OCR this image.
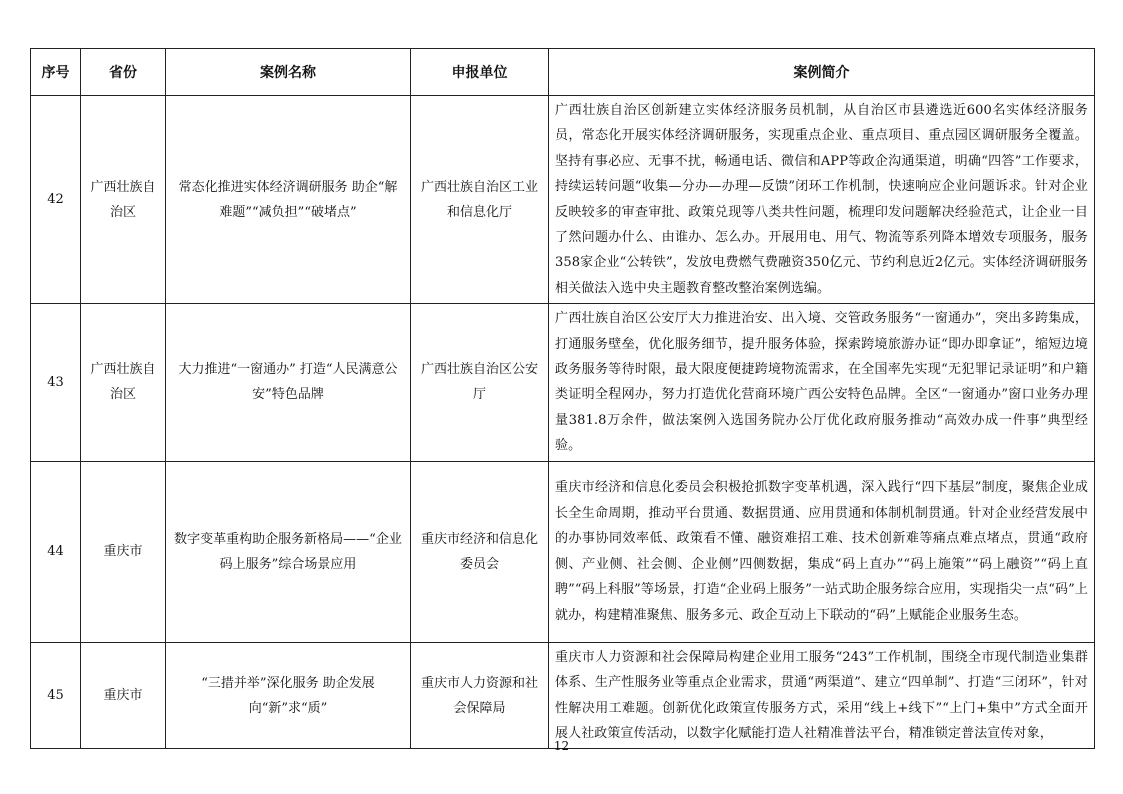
序号	省份	案例名称	申报单位	案例简介
42	广西壮族自治区	常态化推进实体经济调研服务 助企“解难题”“减负担”“破堵点”	广西壮族自治区工业和信息化厅	广西壮族自治区创新建立实体经济服务员机制，从自治区市县遴选近600名实体经济服务员，常态化开展实体经济调研服务，实现重点企业、重点项目、重点园区调研服务全覆盖。坚持有事必应、无事不扰，畅通电话、微信和APP等政企沟通渠道，明确“四答”工作要求，持续运转问题“收集—分办—办理—反馈”闭环工作机制，快速响应企业问题诉求。针对企业反映较多的审查审批、政策兑现等八类共性问题，梳理印发问题解决经验范式，让企业一目了然问题办什么、由谁办、怎么办。开展用电、用气、物流等系列降本增效专项服务，服务358家企业“公转铁”，发放电费燃气费融资350亿元、节约利息近2亿元。实体经济调研服务相关做法入选中央主题教育整改整治案例选编。
43	广西壮族自治区	大力推进“一窗通办” 打造“人民满意公安”特色品牌	广西壮族自治区公安厅	广西壮族自治区公安厅大力推进治安、出入境、交管政务服务“一窗通办”，突出多跨集成，打通服务壁垒，优化服务细节，提升服务体验，探索跨境旅游办证“即办即拿证”，缩短边境政务服务等待时限，最大限度便捷跨境物流需求，在全国率先实现“无犯罪记录证明”和户籍类证明全程网办，努力打造优化营商环境广西公安特色品牌。全区“一窗通办”窗口业务办理量381.8万余件，做法案例入选国务院办公厅优化政府服务推动“高效办成一件事”典型经验。
44	重庆市	数字变革重构助企服务新格局——“企业码上服务”综合场景应用	重庆市经济和信息化委员会	重庆市经济和信息化委员会积极抢抓数字变革机遇，深入践行“四下基层”制度，聚焦企业成长全生命周期，推动平台贯通、数据贯通、应用贯通和体制机制贯通。针对企业经营发展中的办事协同效率低、政策看不懂、融资难招工难、技术创新难等痛点难点堵点，贯通“政府侧、产业侧、社会侧、企业侧”四侧数据，集成“码上直办”“码上施策”“码上融资”“码上直聘”“码上科服”等场景，打造“企业码上服务”一站式助企服务综合应用，实现指尖一点“码”上就办，构建精准聚焦、服务多元、政企互动上下联动的“码”上赋能企业服务生态。
45	重庆市	“三措并举”深化服务 助企发展向“新”求“质”	重庆市人力资源和社会保障局	重庆市人力资源和社会保障局构建企业用工服务“243”工作机制，围绕全市现代制造业集群体系、生产性服务业等重点企业需求，贯通“两渠道”、建立“四单制”、打造“三闭环”，针对性解决用工难题。创新优化政策宣传服务方式，采用“线上+线下”“上门+集中”方式全面开展人社政策宣传活动，以数字化赋能打造人社精准普法平台，精准锁定普法宣传对象，
12
